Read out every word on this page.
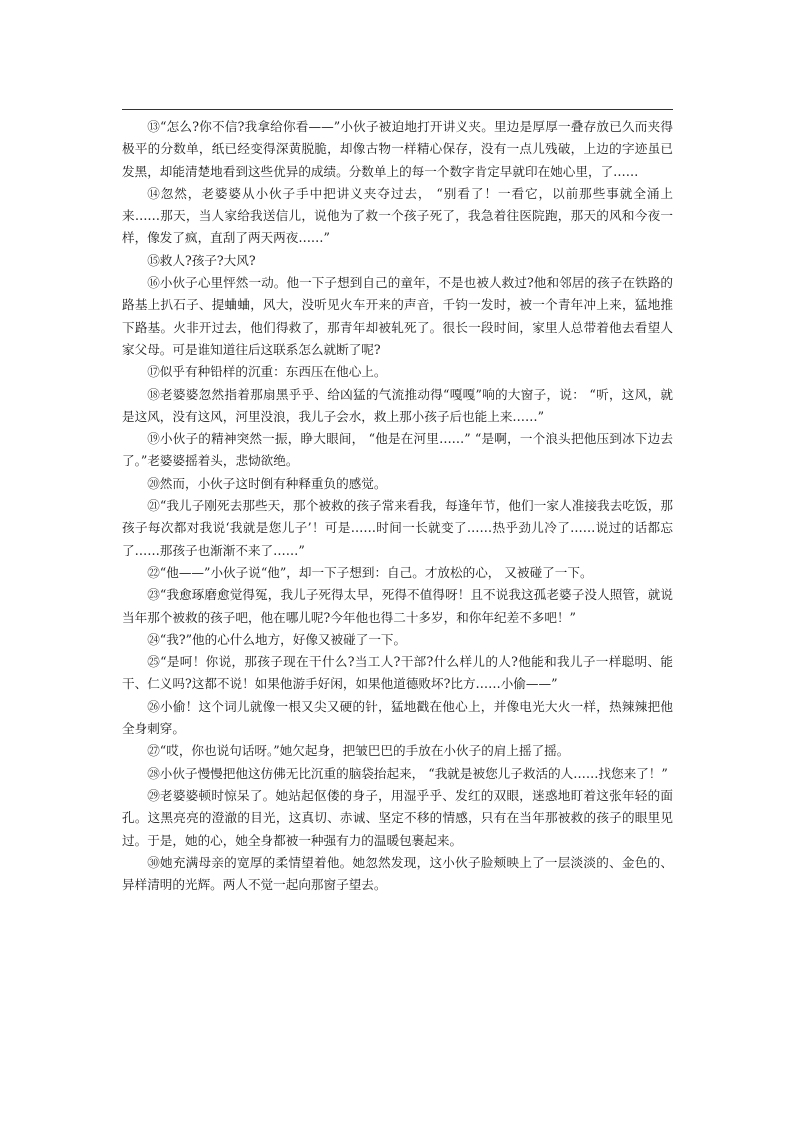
⑬“怎么?你不信?我拿给你看——”小伙子被迫地打开讲义夹。里边是厚厚一叠存放已久而夹得极平的分数单，纸已经变得深黄脱脆，却像古物一样精心保存，没有一点儿残破，上边的字迹虽已发黑，却能清楚地看到这些优异的成绩。分数单上的每一个数字肯定早就印在她心里，了……

⑭忽然，老婆婆从小伙子手中把讲义夹夺过去， “别看了！一看它，以前那些事就全涌上来……那天，当人家给我送信儿，说他为了救一个孩子死了，我急着往医院跑，那天的风和今夜一样，像发了疯，直刮了两天两夜……”

⑮救人?孩子?大风?

⑯小伙子心里怦然一动。他一下子想到自己的童年，不是也被人救过?他和邻居的孩子在铁路的路基上扒石子、提蛐蛐，风大，没听见火车开来的声音，千钧一发时，被一个青年冲上来，猛地推下路基。火非开过去，他们得救了，那青年却被轧死了。很长一段时间，家里人总带着他去看望人家父母。可是谁知道往后这联系怎么就断了呢?

⑰似乎有种铅样的沉重：东西压在他心上。

⑱老婆婆忽然指着那扇黑乎乎、给凶猛的气流推动得“嘎嘎”响的大窗子，说： “听，这风，就是这风，没有这风，河里没浪，我儿子会水，救上那小孩子后也能上来……”

⑲小伙子的精神突然一振，睁大眼间， “他是在河里……” “是啊，一个浪头把他压到冰下边去了。”老婆婆摇着头，悲恸欲绝。

⑳然而，小伙子这时倒有种释重负的感觉。

㉑“我儿子刚死去那些天，那个被救的孩子常来看我，每逢年节，他们一家人准接我去吃饭，那孩子每次都对我说‘我就是您儿子’！可是……时间一长就变了……热乎劲儿冷了……说过的话都忘了……那孩子也渐渐不来了……”

㉒“他——”小伙子说“他”，却一下子想到：自己。才放松的心， 又被碰了一下。

㉓“我愈琢磨愈觉得冤，我儿子死得太早，死得不值得呀！且不说我这孤老婆子没人照管，就说当年那个被救的孩子吧，他在哪儿呢?今年他也得二十多岁，和你年纪差不多吧！”

㉔“我?”他的心什么地方，好像又被碰了一下。

㉕“是呵！你说，那孩子现在干什么?当工人?干部?什么样儿的人?他能和我儿子一样聪明、能干、仁义吗?这都不说！如果他游手好闲，如果他道德败坏?比方……小偷——”

㉖小偷！这个词儿就像一根又尖又硬的针，猛地戳在他心上，并像电光大火一样，热辣辣把他全身刺穿。

㉗“哎，你也说句话呀。”她欠起身，把皱巴巴的手放在小伙子的肩上摇了摇。

㉘小伙子慢慢把他这仿佛无比沉重的脑袋抬起来， “我就是被您儿子救活的人……找您来了！”

㉙老婆婆顿时惊呆了。她站起伛偻的身子，用湿乎乎、发红的双眼，迷惑地盯着这张年轻的面孔。这黑亮亮的澄澈的目光，这真切、赤诚、坚定不移的情感，只有在当年那被救的孩子的眼里见过。于是，她的心，她全身都被一种强有力的温暖包裹起来。

㉚她充满母亲的宽厚的柔情望着他。她忽然发现，这小伙子脸颊映上了一层淡淡的、金色的、异样清明的光辉。两人不觉一起向那窗子望去。
